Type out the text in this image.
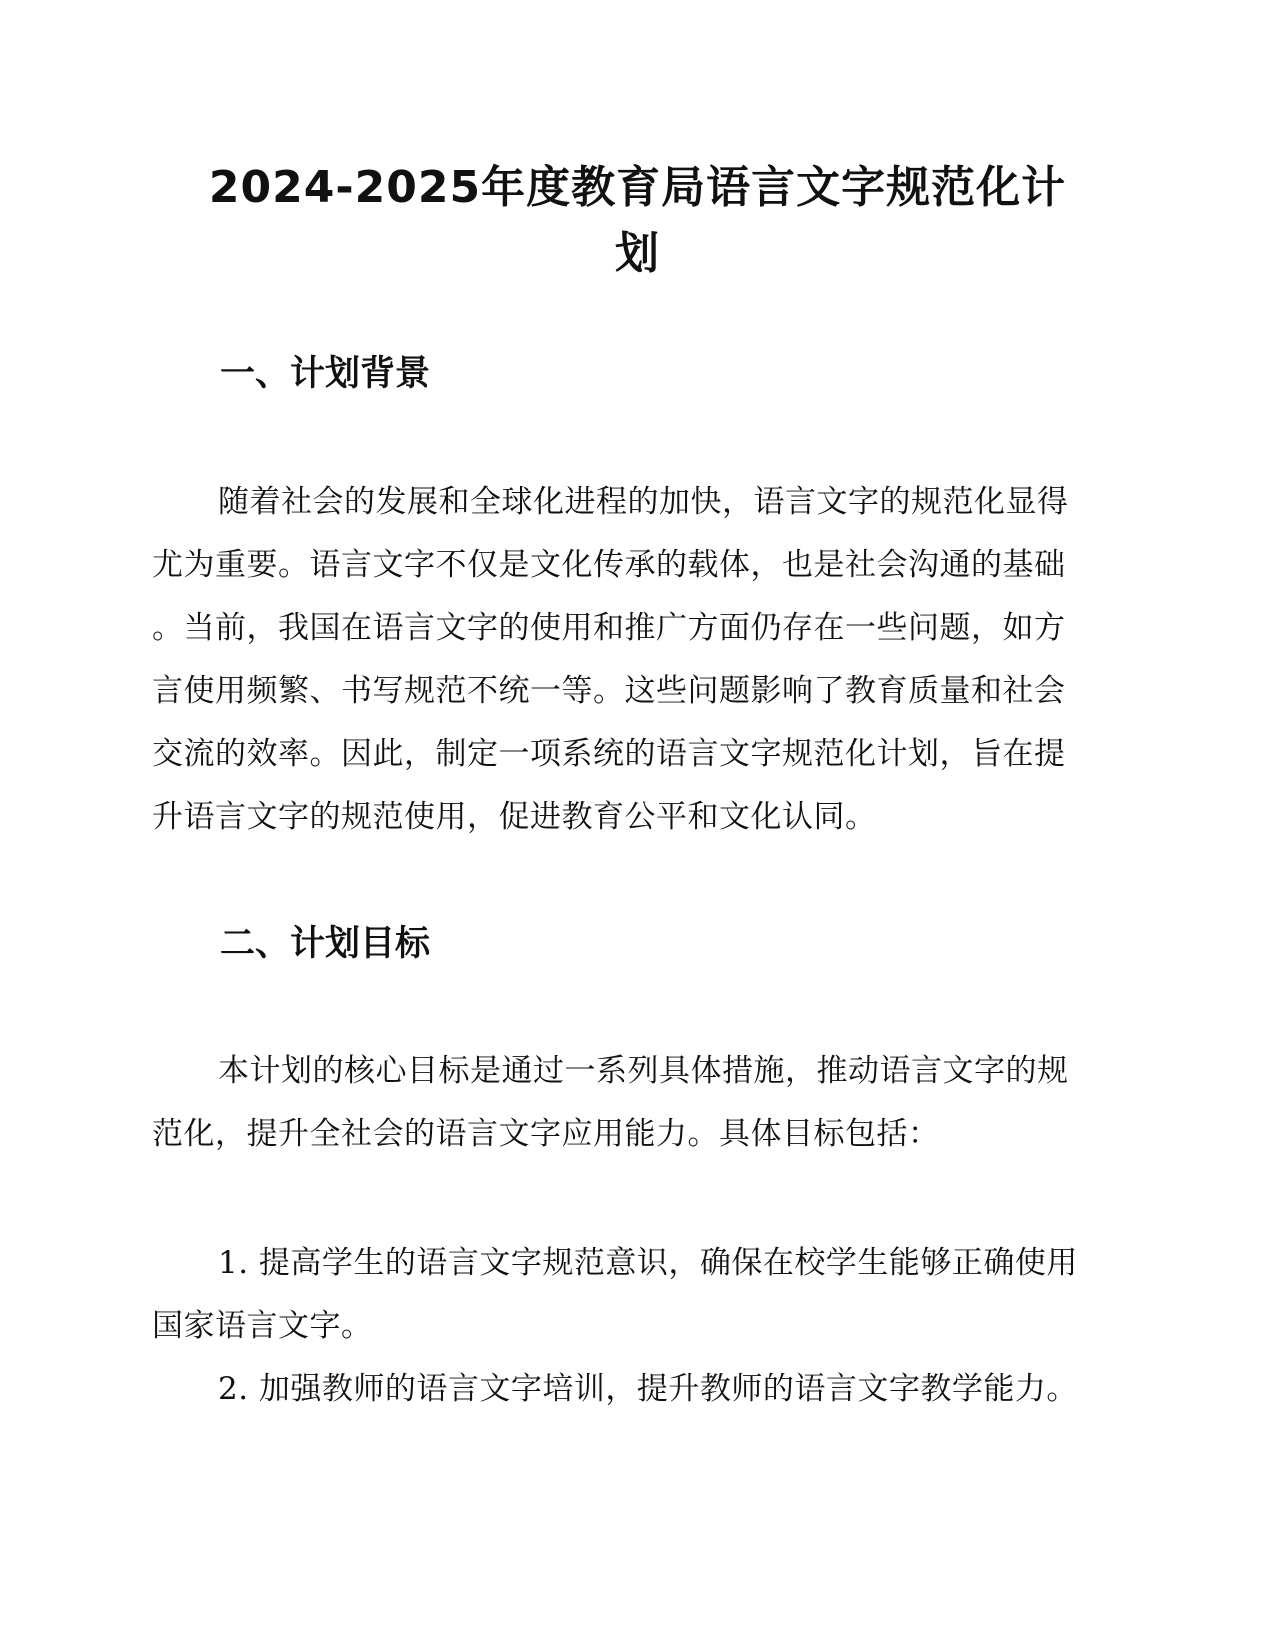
2024-2025年度教育局语言文字规范化计
划
一、计划背景

随着社会的发展和全球化进程的加快，语言文字的规范化显得

尤为重要。语言文字不仅是文化传承的载体，也是社会沟通的基础

。当前，我国在语言文字的使用和推广方面仍存在一些问题，如方

言使用频繁、书写规范不统一等。这些问题影响了教育质量和社会

交流的效率。因此，制定一项系统的语言文字规范化计划，旨在提

升语言文字的规范使用，促进教育公平和文化认同。

二、计划目标

本计划的核心目标是通过一系列具体措施，推动语言文字的规

范化，提升全社会的语言文字应用能力。具体目标包括：

1. 提高学生的语言文字规范意识，确保在校学生能够正确使用

国家语言文字。

2. 加强教师的语言文字培训，提升教师的语言文字教学能力。
